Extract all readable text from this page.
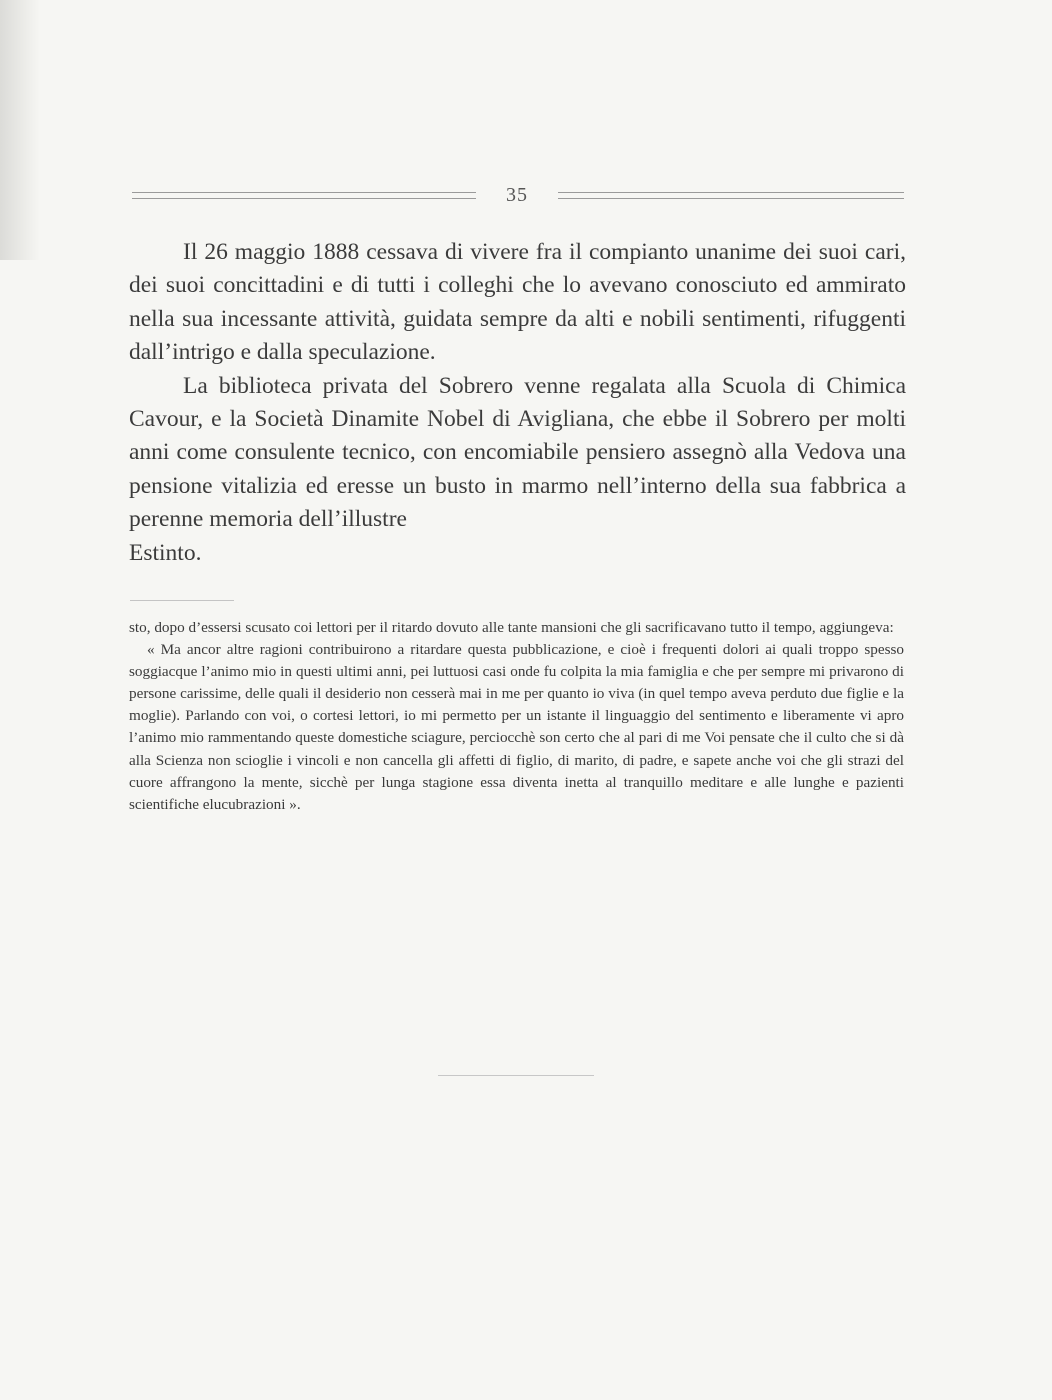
35

Il 26 maggio 1888 cessava di vivere fra il compianto unanime dei suoi cari, dei suoi concittadini e di tutti i colleghi che lo avevano conosciuto ed ammirato nella sua incessante attività, guidata sempre da alti e nobili sentimenti, rifuggenti dall’intrigo e dalla speculazione.

La biblioteca privata del Sobrero venne regalata alla Scuola di Chimica Cavour, e la Società Dinamite Nobel di Avigliana, che ebbe il Sobrero per molti anni come consulente tecnico, con encomiabile pensiero assegnò alla Vedova una pensione vitalizia ed eresse un busto in marmo nell’interno della sua fabbrica a perenne memoria dell’illustre

Estinto.

sto, dopo d’essersi scusato coi lettori per il ritardo dovuto alle tante mansioni che gli sacrificavano tutto il tempo, aggiungeva:

« Ma ancor altre ragioni contribuirono a ritardare questa pubblicazione, e cioè i frequenti dolori ai quali troppo spesso soggiacque l’animo mio in questi ultimi anni, pei luttuosi casi onde fu colpita la mia famiglia e che per sempre mi privarono di persone carissime, delle quali il desiderio non cesserà mai in me per quanto io viva (in quel tempo aveva perduto due figlie e la moglie). Parlando con voi, o cortesi lettori, io mi permetto per un istante il linguaggio del sentimento e liberamente vi apro l’animo mio rammentando queste domestiche sciagure, perciocchè son certo che al pari di me Voi pensate che il culto che si dà alla Scienza non scioglie i vincoli e non cancella gli affetti di figlio, di marito, di padre, e sapete anche voi che gli strazi del cuore affrangono la mente, sicchè per lunga stagione essa diventa inetta al tranquillo meditare e alle lunghe e pazienti scientifiche elucubrazioni ».
